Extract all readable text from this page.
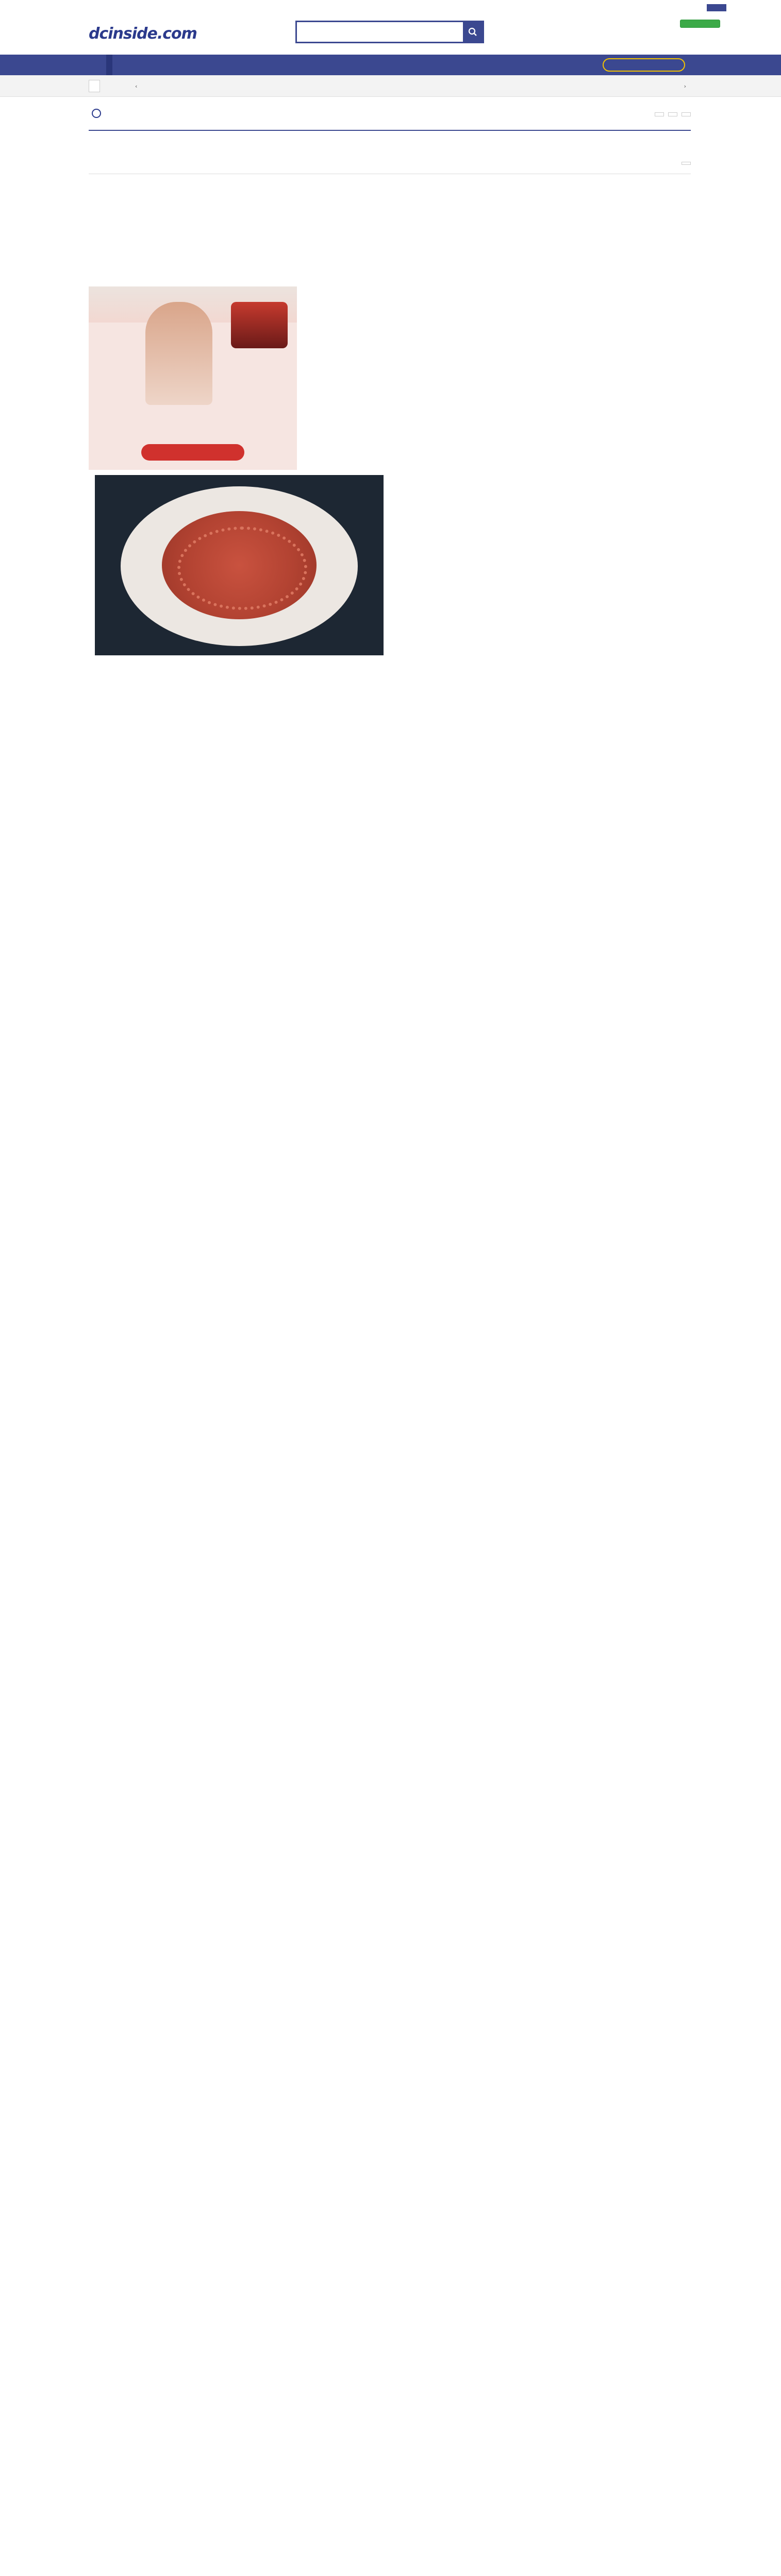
dcinside.com
‹	›
